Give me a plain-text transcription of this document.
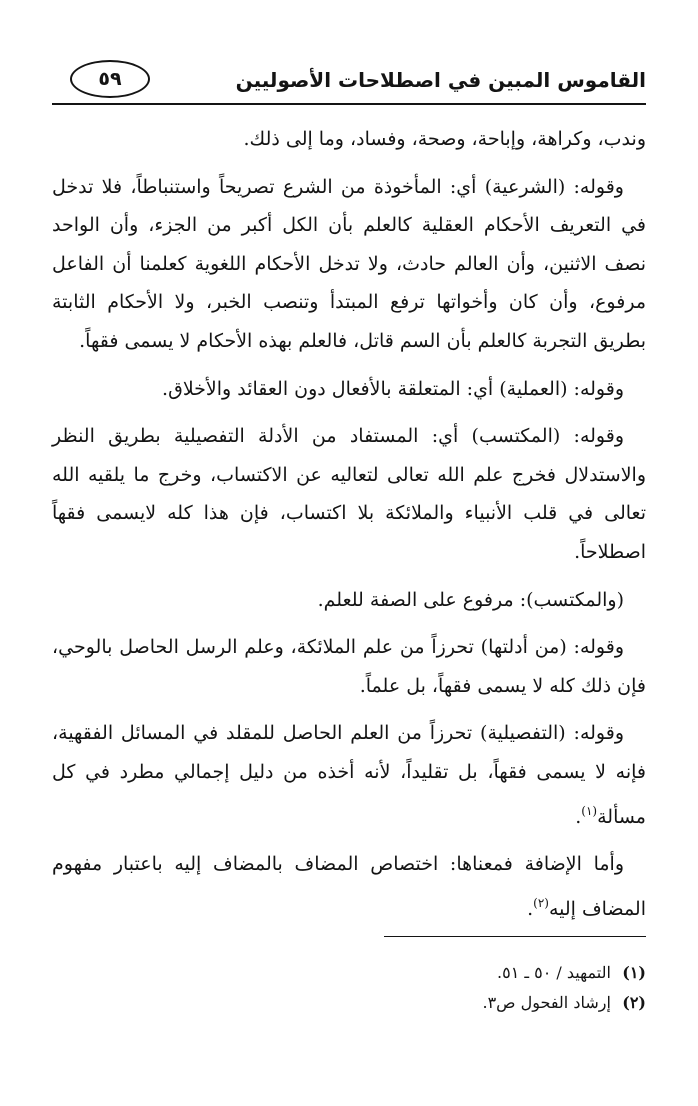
القاموس المبين في اصطلاحات الأصوليين
٥٩

وندب، وكراهة، وإباحة، وصحة، وفساد، وما إلى ذلك.

وقوله: (الشرعية) أي: المأخوذة من الشرع تصريحاً واستنباطاً، فلا تدخل في التعريف الأحكام العقلية كالعلم بأن الكل أكبر من الجزء، وأن الواحد نصف الاثنين، وأن العالم حادث، ولا تدخل الأحكام اللغوية كعلمنا أن الفاعل مرفوع، وأن كان وأخواتها ترفع المبتدأ وتنصب الخبر، ولا الأحكام الثابتة بطريق التجربة كالعلم بأن السم قاتل، فالعلم بهذه الأحكام لا يسمى فقهاً.

وقوله: (العملية) أي: المتعلقة بالأفعال دون العقائد والأخلاق.

وقوله: (المكتسب) أي: المستفاد من الأدلة التفصيلية بطريق النظر والاستدلال فخرج علم الله تعالى لتعاليه عن الاكتساب، وخرج ما يلقيه الله تعالى في قلب الأنبياء والملائكة بلا اكتساب، فإن هذا كله لايسمى فقهاً اصطلاحاً.

(والمكتسب): مرفوع على الصفة للعلم.

وقوله: (من أدلتها) تحرزاً من علم الملائكة، وعلم الرسل الحاصل بالوحي، فإن ذلك كله لا يسمى فقهاً، بل علماً.

وقوله: (التفصيلية) تحرزاً من العلم الحاصل للمقلد في المسائل الفقهية، فإنه لا يسمى فقهاً، بل تقليداً، لأنه أخذه من دليل إجمالي مطرد في كل مسألة$^{(١)}$.

وأما الإضافة فمعناها: اختصاص المضاف بالمضاف إليه باعتبار مفهوم المضاف إليه$^{(٢)}$.

(١) التمهيد / ٥٠ ـ ٥١.

(٢) إرشاد الفحول ص٣.
